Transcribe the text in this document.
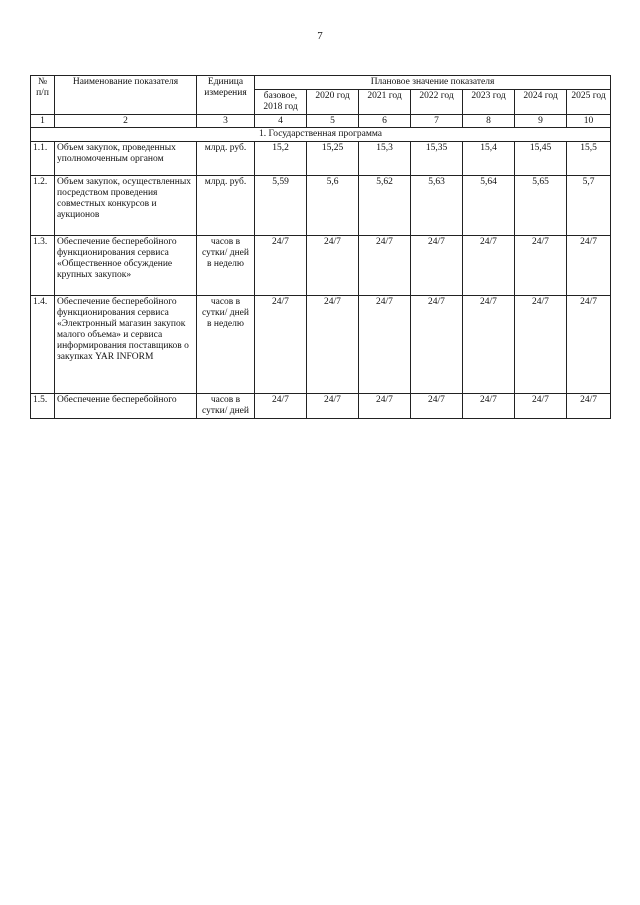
7
№ п/п	Наименование показателя	Единица измерения	Плановое значение показателя						
			базовое, 2018 год	2020 год	2021 год	2022 год	2023 год	2024 год	2025 год
1	2	3	4	5	6	7	8	9	10
1. Государственная программа									
1.1.	Объем закупок, проведенных уполномоченным органом	млрд. руб.	15,2	15,25	15,3	15,35	15,4	15,45	15,5
1.2.	Объем закупок, осуществленных посредством проведения совместных конкурсов и аукционов	млрд. руб.	5,59	5,6	5,62	5,63	5,64	5,65	5,7
1.3.	Обеспечение бесперебойного функционирования сервиса «Общественное обсуждение крупных закупок»	часов в сутки/ дней в неделю	24/7	24/7	24/7	24/7	24/7	24/7	24/7
1.4.	Обеспечение бесперебойного функционирования сервиса «Электронный магазин закупок малого объема» и сервиса информирования поставщиков о закупках YAR INFORM	часов в сутки/ дней в неделю	24/7	24/7	24/7	24/7	24/7	24/7	24/7
1.5.	Обеспечение бесперебойного	часов в сутки/ дней	24/7	24/7	24/7	24/7	24/7	24/7	24/7
